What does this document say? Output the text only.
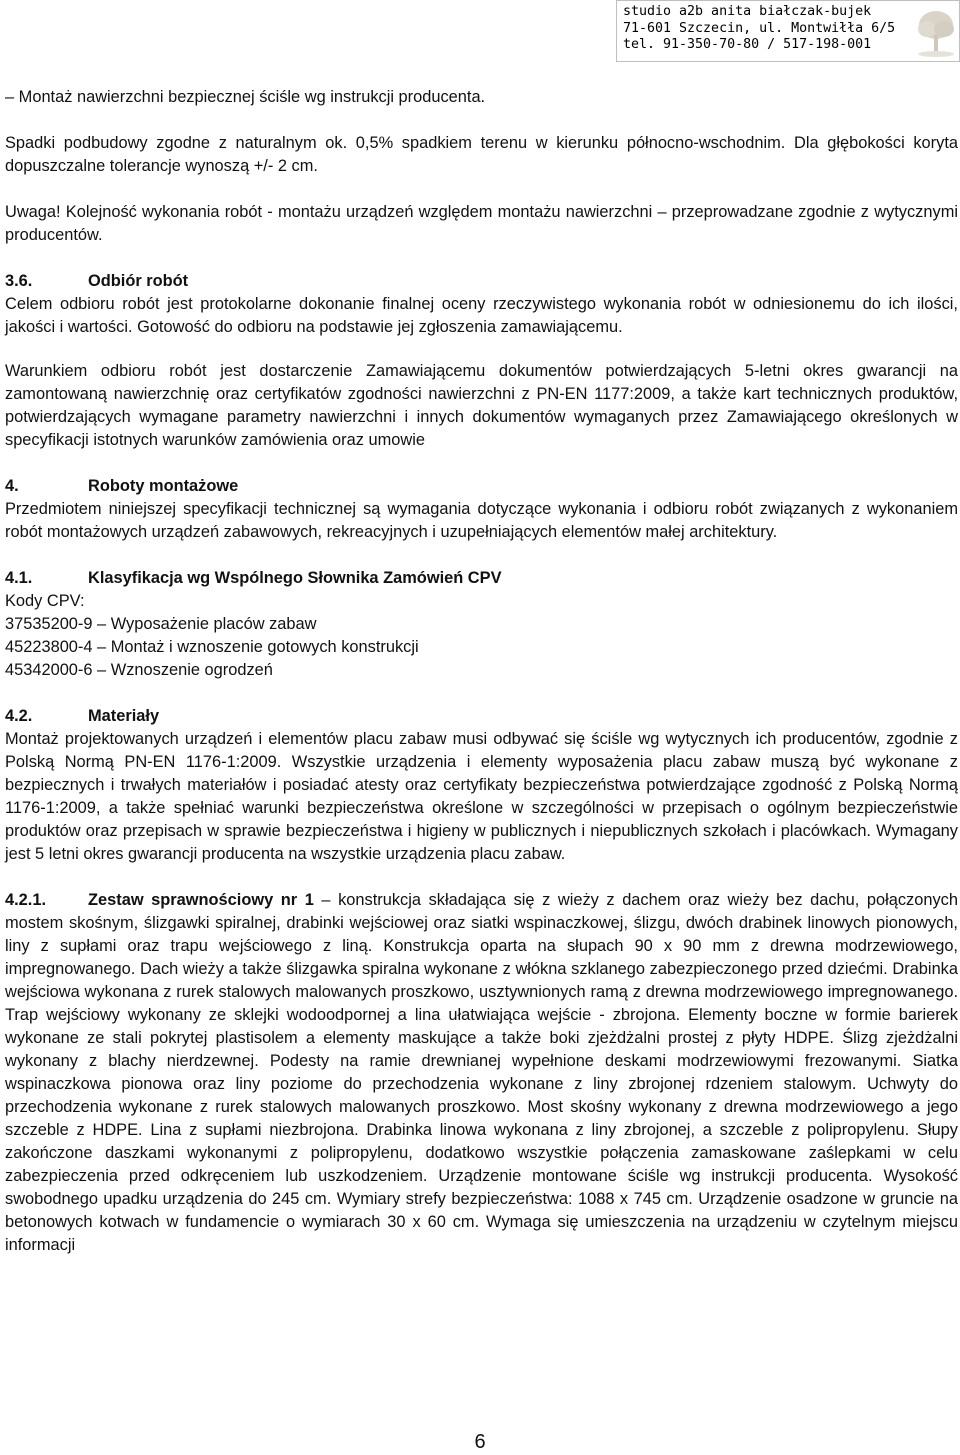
studio a2b anita białczak-bujek
71-601 Szczecin, ul. Montwiłła 6/5
tel. 91-350-70-80 / 517-198-001

– Montaż nawierzchni bezpiecznej ściśle wg instrukcji producenta.

Spadki podbudowy zgodne z naturalnym ok. 0,5% spadkiem terenu w kierunku północno-wschodnim. Dla głębokości koryta dopuszczalne tolerancje wynoszą +/- 2 cm.

Uwaga! Kolejność wykonania robót - montażu urządzeń względem montażu nawierzchni – przeprowadzane zgodnie z wytycznymi producentów.

3.6.	Odbiór robót

Celem odbioru robót jest protokolarne dokonanie finalnej oceny rzeczywistego wykonania robót w odniesionemu do ich ilości, jakości i wartości. Gotowość do odbioru na podstawie jej zgłoszenia zamawiającemu.

Warunkiem odbioru robót jest dostarczenie Zamawiającemu dokumentów potwierdzających 5-letni okres gwarancji na zamontowaną nawierzchnię oraz certyfikatów zgodności nawierzchni z PN-EN 1177:2009, a także kart technicznych produktów, potwierdzających wymagane parametry nawierzchni i innych dokumentów wymaganych przez Zamawiającego określonych w specyfikacji istotnych warunków zamówienia oraz umowie

4.	Roboty montażowe

Przedmiotem niniejszej specyfikacji technicznej są wymagania dotyczące wykonania i odbioru robót związanych z wykonaniem robót montażowych urządzeń zabawowych, rekreacyjnych i uzupełniających elementów małej architektury.

4.1.	Klasyfikacja wg Wspólnego Słownika Zamówień CPV

Kody CPV:

37535200-9 – Wyposażenie placów zabaw

45223800-4 – Montaż i wznoszenie gotowych konstrukcji

45342000-6 – Wznoszenie ogrodzeń

4.2.	Materiały

Montaż projektowanych urządzeń i elementów placu zabaw musi odbywać się ściśle wg wytycznych ich producentów, zgodnie z Polską Normą PN-EN 1176-1:2009. Wszystkie urządzenia i elementy wyposażenia placu zabaw muszą być wykonane z bezpiecznych i trwałych materiałów i posiadać atesty oraz certyfikaty bezpieczeństwa potwierdzające zgodność z Polską Normą 1176-1:2009, a także spełniać warunki bezpieczeństwa określone w szczególności w przepisach o ogólnym bezpieczeństwie produktów oraz przepisach w sprawie bezpieczeństwa i higieny w publicznych i niepublicznych szkołach i placówkach. Wymagany jest 5 letni okres gwarancji producenta na wszystkie urządzenia placu zabaw.

4.2.1.	Zestaw sprawnościowy nr 1 – konstrukcja składająca się z wieży z dachem oraz wieży bez dachu, połączonych mostem skośnym, ślizgawki spiralnej, drabinki wejściowej oraz siatki wspinaczkowej, ślizgu, dwóch drabinek linowych pionowych, liny z supłami oraz trapu wejściowego z liną. Konstrukcja oparta na słupach 90 x 90 mm z drewna modrzewiowego, impregnowanego. Dach wieży a także ślizgawka spiralna wykonane z włókna szklanego zabezpieczonego przed dziećmi. Drabinka wejściowa wykonana z rurek stalowych malowanych proszkowo, usztywnionych ramą z drewna modrzewiowego impregnowanego. Trap wejściowy wykonany ze sklejki wodoodpornej a lina ułatwiająca wejście - zbrojona. Elementy boczne w formie barierek wykonane ze stali pokrytej plastisolem a elementy maskujące a także boki zjeżdżalni prostej z płyty HDPE. Ślizg zjeżdżalni wykonany z blachy nierdzewnej. Podesty na ramie drewnianej wypełnione deskami modrzewiowymi frezowanymi. Siatka wspinaczkowa pionowa oraz liny poziome do przechodzenia wykonane z liny zbrojonej rdzeniem stalowym. Uchwyty do przechodzenia wykonane z rurek stalowych malowanych proszkowo. Most skośny wykonany z drewna modrzewiowego a jego szczeble z HDPE. Lina z supłami niezbrojona. Drabinka linowa wykonana z liny zbrojonej, a szczeble z polipropylenu. Słupy zakończone daszkami wykonanymi z polipropylenu, dodatkowo wszystkie połączenia zamaskowane zaślepkami w celu zabezpieczenia przed odkręceniem lub uszkodzeniem. Urządzenie montowane ściśle wg instrukcji producenta. Wysokość swobodnego upadku urządzenia do 245 cm. Wymiary strefy bezpieczeństwa: 1088 x 745 cm. Urządzenie osadzone w gruncie na betonowych kotwach w fundamencie o wymiarach 30 x 60 cm. Wymaga się umieszczenia na urządzeniu w czytelnym miejscu informacji

6
